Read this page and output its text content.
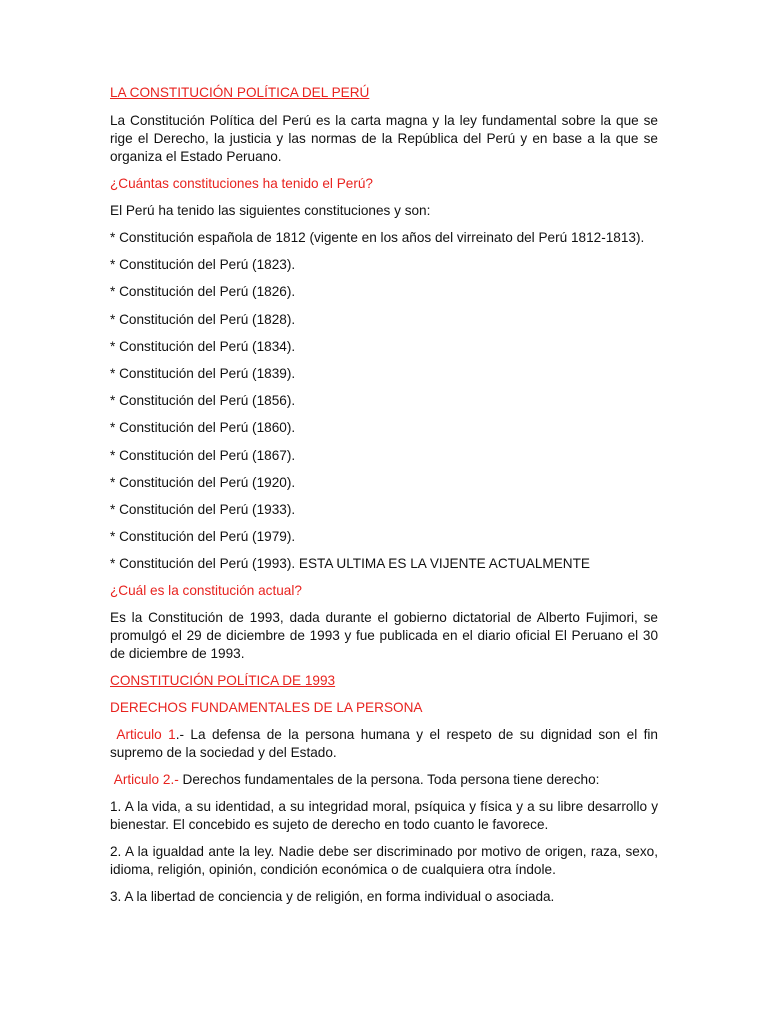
LA CONSTITUCIÓN POLÍTICA DEL PERÚ
La Constitución Política del Perú es la carta magna y la ley fundamental sobre la que se rige el Derecho, la justicia y las normas de la República del Perú y en base a la que se organiza el Estado Peruano.
¿Cuántas constituciones ha tenido el Perú?
El Perú ha tenido las siguientes constituciones y son:
* Constitución española de 1812 (vigente en los años del virreinato del Perú 1812-1813).
* Constitución del Perú (1823).
* Constitución del Perú (1826).
* Constitución del Perú (1828).
* Constitución del Perú (1834).
* Constitución del Perú (1839).
* Constitución del Perú (1856).
* Constitución del Perú (1860).
* Constitución del Perú (1867).
* Constitución del Perú (1920).
* Constitución del Perú (1933).
* Constitución del Perú (1979).
* Constitución del Perú (1993). ESTA ULTIMA ES LA VIJENTE ACTUALMENTE
¿Cuál es la constitución actual?
Es la Constitución de 1993, dada durante el gobierno dictatorial de Alberto Fujimori, se promulgó el 29 de diciembre de 1993 y fue publicada en el diario oficial El Peruano el 30 de diciembre de 1993.
CONSTITUCIÓN POLÍTICA DE 1993
DERECHOS FUNDAMENTALES DE LA PERSONA
Articulo 1.- La defensa de la persona humana y el respeto de su dignidad son el fin supremo de la sociedad y del Estado.
Articulo 2.- Derechos fundamentales de la persona. Toda persona tiene derecho:
1. A la vida, a su identidad, a su integridad moral, psíquica y física y a su libre desarrollo y bienestar. El concebido es sujeto de derecho en todo cuanto le favorece.
2. A la igualdad ante la ley. Nadie debe ser discriminado por motivo de origen, raza, sexo, idioma, religión, opinión, condición económica o de cualquiera otra índole.
3. A la libertad de conciencia y de religión, en forma individual o asociada.
